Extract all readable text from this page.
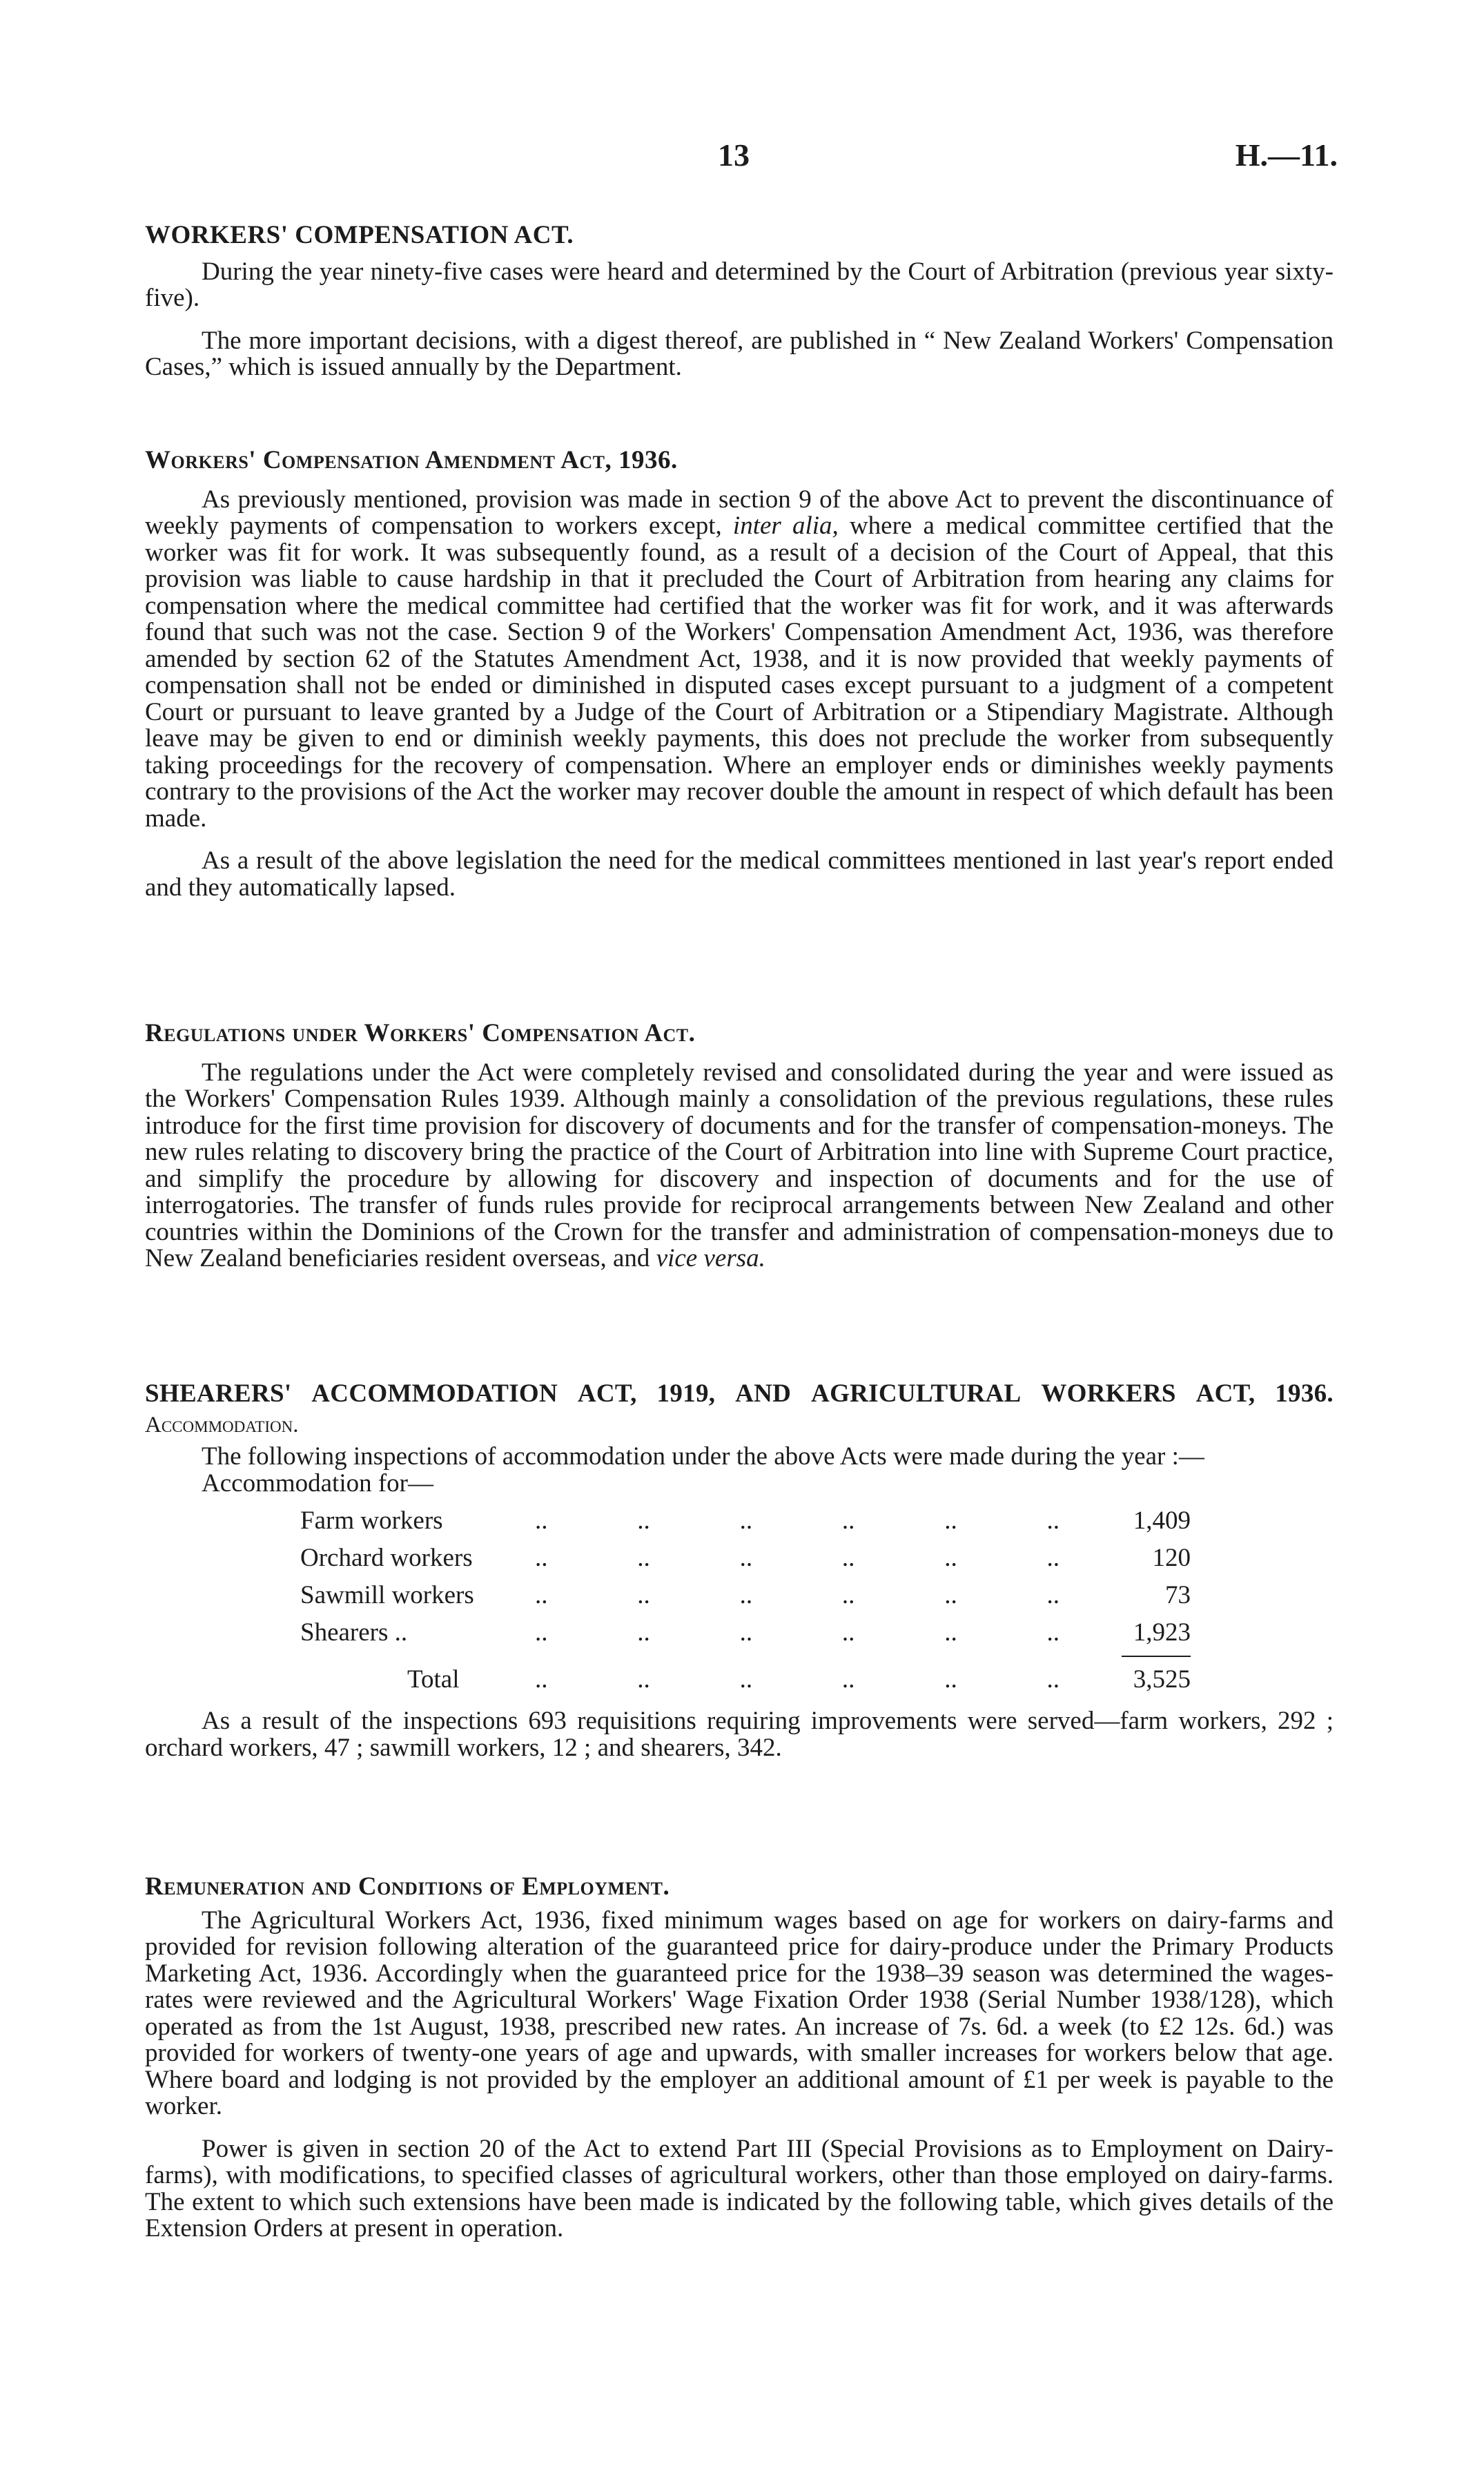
13	H.—11.
WORKERS' COMPENSATION ACT.

During the year ninety-five cases were heard and determined by the Court of Arbitration (previous year sixty-five).

The more important decisions, with a digest thereof, are published in “ New Zealand Workers' Compensation Cases,” which is issued annually by the Department.

Workers' Compensation Amendment Act, 1936.

As previously mentioned, provision was made in section 9 of the above Act to prevent the discontinuance of weekly payments of compensation to workers except, inter alia, where a medical committee certified that the worker was fit for work. It was subsequently found, as a result of a decision of the Court of Appeal, that this provision was liable to cause hardship in that it precluded the Court of Arbitration from hearing any claims for compensation where the medical committee had certified that the worker was fit for work, and it was afterwards found that such was not the case. Section 9 of the Workers' Compensation Amendment Act, 1936, was therefore amended by section 62 of the Statutes Amendment Act, 1938, and it is now provided that weekly payments of compensation shall not be ended or diminished in disputed cases except pursuant to a judgment of a competent Court or pursuant to leave granted by a Judge of the Court of Arbitration or a Stipendiary Magistrate. Although leave may be given to end or diminish weekly payments, this does not preclude the worker from subsequently taking proceedings for the recovery of compensation. Where an employer ends or diminishes weekly payments contrary to the provisions of the Act the worker may recover double the amount in respect of which default has been made.

As a result of the above legislation the need for the medical committees mentioned in last year's report ended and they automatically lapsed.

Regulations under Workers' Compensation Act.

The regulations under the Act were completely revised and consolidated during the year and were issued as the Workers' Compensation Rules 1939. Although mainly a consolidation of the previous regulations, these rules introduce for the first time provision for discovery of documents and for the transfer of compensation-moneys. The new rules relating to discovery bring the practice of the Court of Arbitration into line with Supreme Court practice, and simplify the procedure by allowing for discovery and inspection of documents and for the use of interrogatories. The transfer of funds rules provide for reciprocal arrangements between New Zealand and other countries within the Dominions of the Crown for the transfer and administration of compensation-moneys due to New Zealand beneficiaries resident overseas, and vice versa.

SHEARERS' ACCOMMODATION ACT, 1919, AND AGRICULTURAL WORKERS ACT, 1936.
Accommodation.

The following inspections of accommodation under the above Acts were made during the year :—

Accommodation for—

Farm workers	..	..	..	..	..	..	1,409
Orchard workers ..	..	..	..	..	..	120
Sawmill workers ..	..	..	..	..	..	73
Shearers ..	..	..	..	..	..	..	1,923
Total	..	..	..	..	..	..	3,525

As a result of the inspections 693 requisitions requiring improvements were served—farm workers, 292 ; orchard workers, 47 ; sawmill workers, 12 ; and shearers, 342.

Remuneration and Conditions of Employment.

The Agricultural Workers Act, 1936, fixed minimum wages based on age for workers on dairy-farms and provided for revision following alteration of the guaranteed price for dairy-produce under the Primary Products Marketing Act, 1936. Accordingly when the guaranteed price for the 1938–39 season was determined the wages-rates were reviewed and the Agricultural Workers' Wage Fixation Order 1938 (Serial Number 1938/128), which operated as from the 1st August, 1938, prescribed new rates. An increase of 7s. 6d. a week (to £2 12s. 6d.) was provided for workers of twenty-one years of age and upwards, with smaller increases for workers below that age. Where board and lodging is not provided by the employer an additional amount of £1 per week is payable to the worker.

Power is given in section 20 of the Act to extend Part III (Special Provisions as to Employment on Dairy-farms), with modifications, to specified classes of agricultural workers, other than those employed on dairy-farms. The extent to which such extensions have been made is indicated by the following table, which gives details of the Extension Orders at present in operation.
